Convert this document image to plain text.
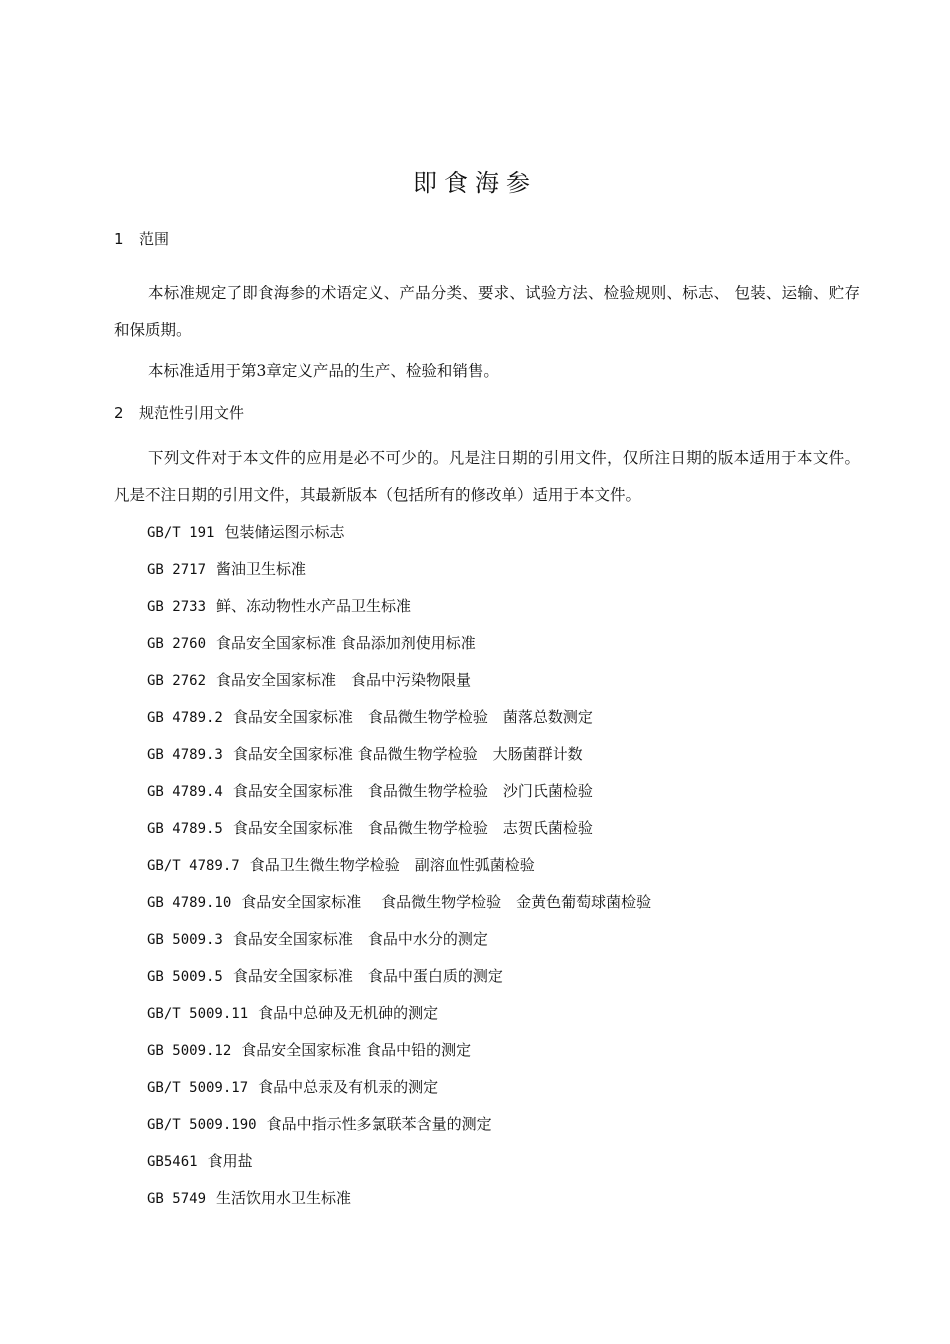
即食海参
1 范围

本标准规定了即食海参的术语定义、产品分类、要求、试验方法、检验规则、标志、 包装、运输、贮存和保质期。

本标准适用于第3章定义产品的生产、检验和销售。

2 规范性引用文件

下列文件对于本文件的应用是必不可少的。凡是注日期的引用文件，仅所注日期的版本适用于本文件。凡是不注日期的引用文件，其最新版本（包括所有的修改单）适用于本文件。

GB/T 191 包装储运图示标志
GB 2717 酱油卫生标准
GB 2733 鲜、冻动物性水产品卫生标准
GB 2760 食品安全国家标准 食品添加剂使用标准
GB 2762 食品安全国家标准　食品中污染物限量
GB 4789.2 食品安全国家标准　食品微生物学检验　菌落总数测定
GB 4789.3 食品安全国家标准 食品微生物学检验　大肠菌群计数
GB 4789.4 食品安全国家标准　食品微生物学检验　沙门氏菌检验
GB 4789.5 食品安全国家标准　食品微生物学检验　志贺氏菌检验
GB/T 4789.7 食品卫生微生物学检验　副溶血性弧菌检验
GB 4789.10 食品安全国家标准　 食品微生物学检验　金黄色葡萄球菌检验
GB 5009.3 食品安全国家标准　食品中水分的测定
GB 5009.5 食品安全国家标准　食品中蛋白质的测定
GB/T 5009.11 食品中总砷及无机砷的测定
GB 5009.12 食品安全国家标准 食品中铅的测定
GB/T 5009.17 食品中总汞及有机汞的测定
GB/T 5009.190 食品中指示性多氯联苯含量的测定
GB5461 食用盐
GB 5749 生活饮用水卫生标准
